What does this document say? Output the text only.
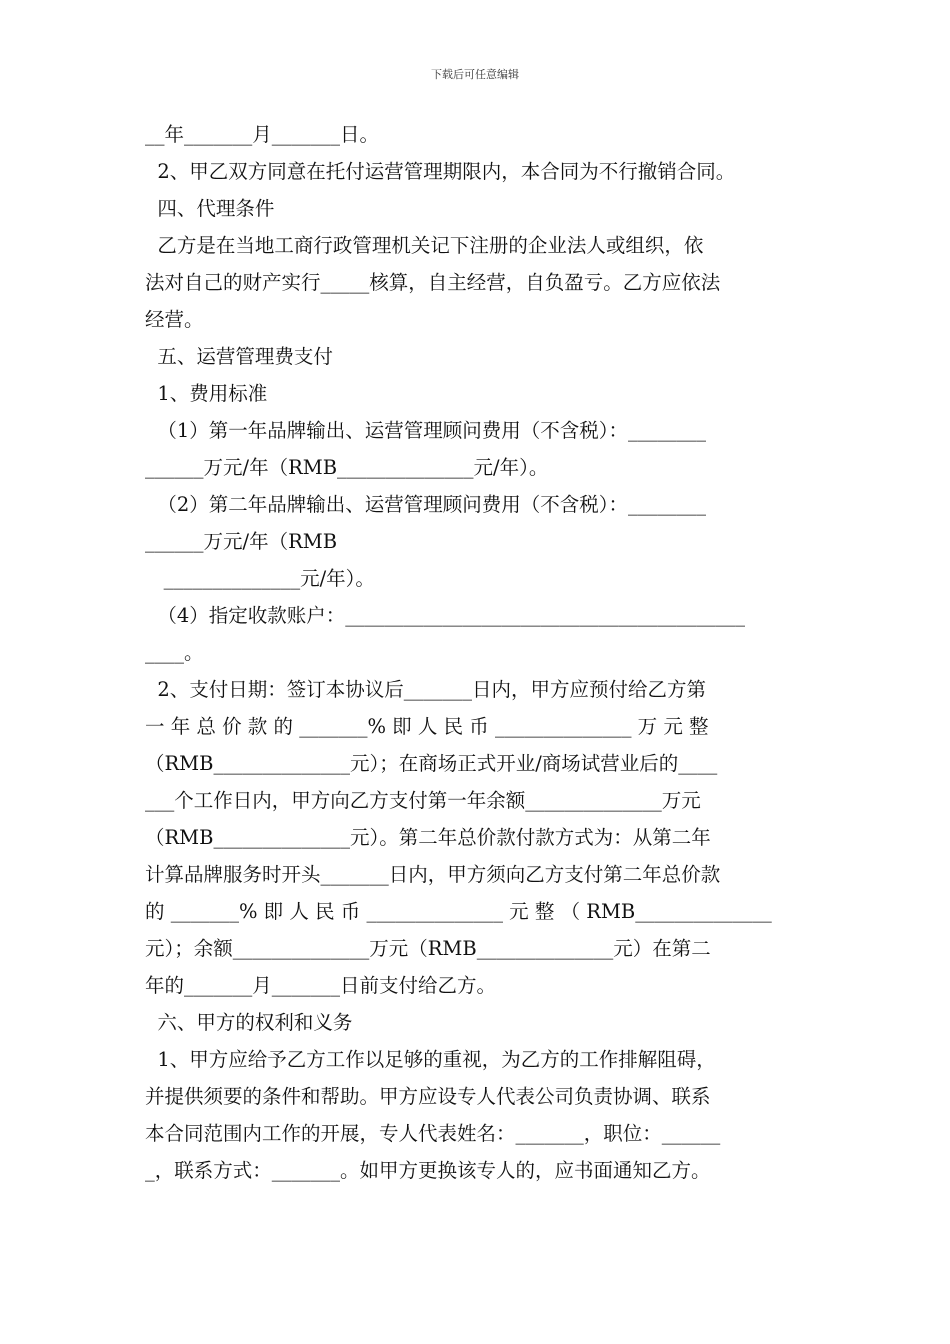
下载后可任意编辑
__年_______月_______日。
2、甲乙双方同意在托付运营管理期限内，本合同为不行撤销合同。
四、代理条件
乙方是在当地工商行政管理机关记下注册的企业法人或组织，依
法对自己的财产实行_____核算，自主经营，自负盈亏。乙方应依法
经营。
五、运营管理费支付
1、费用标准
（1）第一年品牌输出、运营管理顾问费用（不含税）：________
______万元/年（RMB______________元/年）。
（2）第二年品牌输出、运营管理顾问费用（不含税）：________
______万元/年（RMB
______________元/年）。
（4）指定收款账户：_________________________________________
____。
2、支付日期：签订本协议后_______日内，甲方应预付给乙方第
一 年 总 价 款 的 _______% 即 人 民 币 ______________ 万 元 整
（RMB______________元）；在商场正式开业/商场试营业后的____
___个工作日内，甲方向乙方支付第一年余额______________万元
（RMB______________元）。第二年总价款付款方式为：从第二年
计算品牌服务时开头_______日内，甲方须向乙方支付第二年总价款
的 _______% 即 人 民 币 ______________ 元 整 （ RMB______________
元）；余额______________万元（RMB______________元）在第二
年的_______月_______日前支付给乙方。
六、甲方的权利和义务
1、甲方应给予乙方工作以足够的重视，为乙方的工作排解阻碍，
并提供须要的条件和帮助。甲方应设专人代表公司负责协调、联系
本合同范围内工作的开展，专人代表姓名：_______，职位：______
_，联系方式：_______。如甲方更换该专人的，应书面通知乙方。
